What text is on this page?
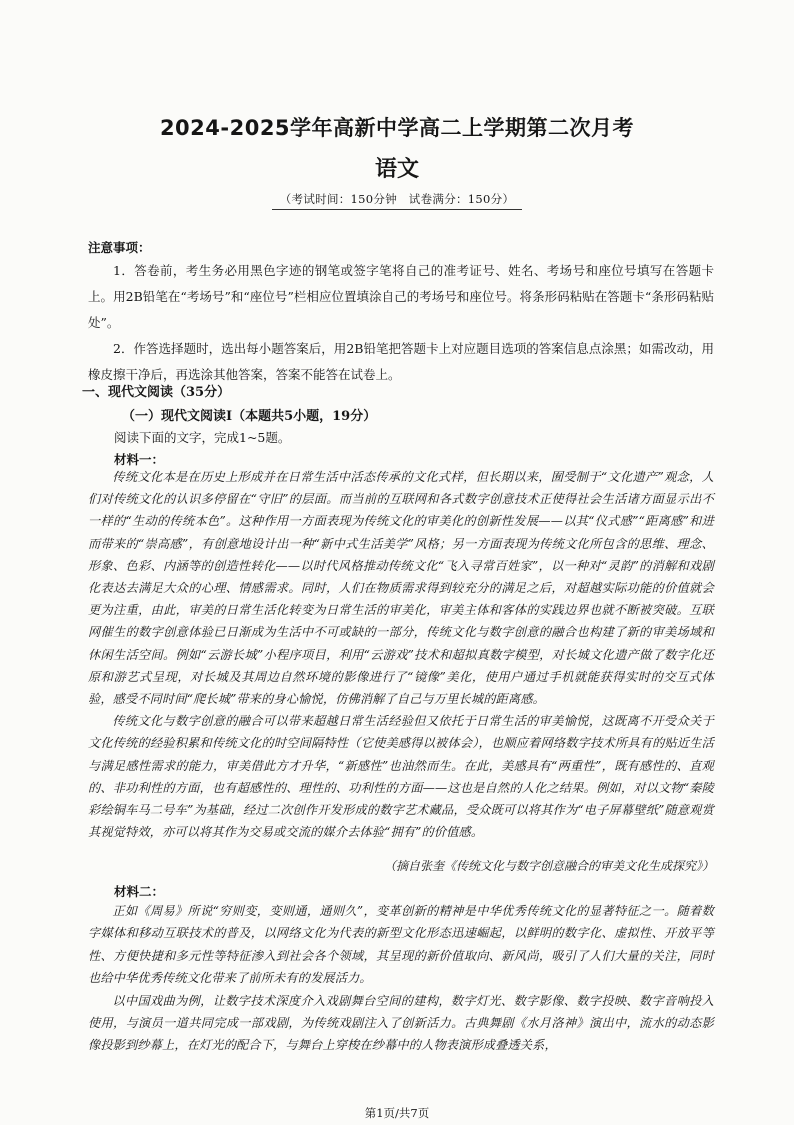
2024-2025学年高新中学高二上学期第二次月考
语文
（考试时间：150分钟　试卷满分：150分）
注意事项：

1．答卷前，考生务必用黑色字迹的钢笔或签字笔将自己的准考证号、姓名、考场号和座位号填写在答题卡上。用2B铅笔在“考场号”和“座位号”栏相应位置填涂自己的考场号和座位号。将条形码粘贴在答题卡“条形码粘贴处”。

2．作答选择题时，选出每小题答案后，用2B铅笔把答题卡上对应题目选项的答案信息点涂黑；如需改动，用橡皮擦干净后，再选涂其他答案，答案不能答在试卷上。

一、现代文阅读（35分）
（一）现代文阅读Ⅰ（本题共5小题，19分）
阅读下面的文字，完成1~5题。
材料一：

传统文化本是在历史上形成并在日常生活中活态传承的文化式样，但长期以来，囿受制于“文化遗产”观念，人们对传统文化的认识多停留在“守旧”的层面。而当前的互联网和各式数字创意技术正使得社会生活诸方面显示出不一样的“生动的传统本色”。这种作用一方面表现为传统文化的审美化的创新性发展——以其“仪式感”“距离感”和进而带来的“崇高感”，有创意地设计出一种“新中式生活美学”风格；另一方面表现为传统文化所包含的思维、理念、形象、色彩、内涵等的创造性转化——以时代风格推动传统文化“飞入寻常百姓家”，以一种对“灵韵”的消解和戏剧化表达去满足大众的心理、情感需求。同时，人们在物质需求得到较充分的满足之后，对超越实际功能的价值就会更为注重，由此，审美的日常生活化转变为日常生活的审美化，审美主体和客体的实践边界也就不断被突破。互联网催生的数字创意体验已日渐成为生活中不可或缺的一部分，传统文化与数字创意的融合也构建了新的审美场域和休闲生活空间。例如“云游长城”小程序项目，利用“云游戏”技术和超拟真数字模型，对长城文化遗产做了数字化还原和游艺式呈现，对长城及其周边自然环境的影像进行了“镜像”美化，使用户通过手机就能获得实时的交互式体验，感受不同时间“爬长城”带来的身心愉悦，仿佛消解了自己与万里长城的距离感。

传统文化与数字创意的融合可以带来超越日常生活经验但又依托于日常生活的审美愉悦，这既离不开受众关于文化传统的经验积累和传统文化的时空间隔特性（它使美感得以被体会），也顺应着网络数字技术所具有的贴近生活与满足感性需求的能力，审美借此方才升华，“新感性”也油然而生。在此，美感具有“两重性”，既有感性的、直观的、非功利性的方面，也有超感性的、理性的、功利性的方面——这也是自然的人化之结果。例如，对以文物“秦陵彩绘铜车马二号车”为基础，经过二次创作开发形成的数字艺术藏品，受众既可以将其作为“电子屏幕壁纸”随意观赏其视觉特效，亦可以将其作为交易或交流的媒介去体验“拥有”的价值感。

（摘自张奎《传统文化与数字创意融合的审美文化生成探究》）
材料二：

正如《周易》所说“穷则变，变则通，通则久”，变革创新的精神是中华优秀传统文化的显著特征之一。随着数字媒体和移动互联技术的普及，以网络文化为代表的新型文化形态迅速崛起，以鲜明的数字化、虚拟性、开放平等性、方便快捷和多元性等特征渗入到社会各个领域，其呈现的新价值取向、新风尚，吸引了人们大量的关注，同时也给中华优秀传统文化带来了前所未有的发展活力。

以中国戏曲为例，让数字技术深度介入戏剧舞台空间的建构，数字灯光、数字影像、数字投映、数字音响投入使用，与演员一道共同完成一部戏剧，为传统戏剧注入了创新活力。古典舞剧《水月洛神》演出中，流水的动态影像投影到纱幕上，在灯光的配合下，与舞台上穿梭在纱幕中的人物表演形成叠透关系，

第1页/共7页
